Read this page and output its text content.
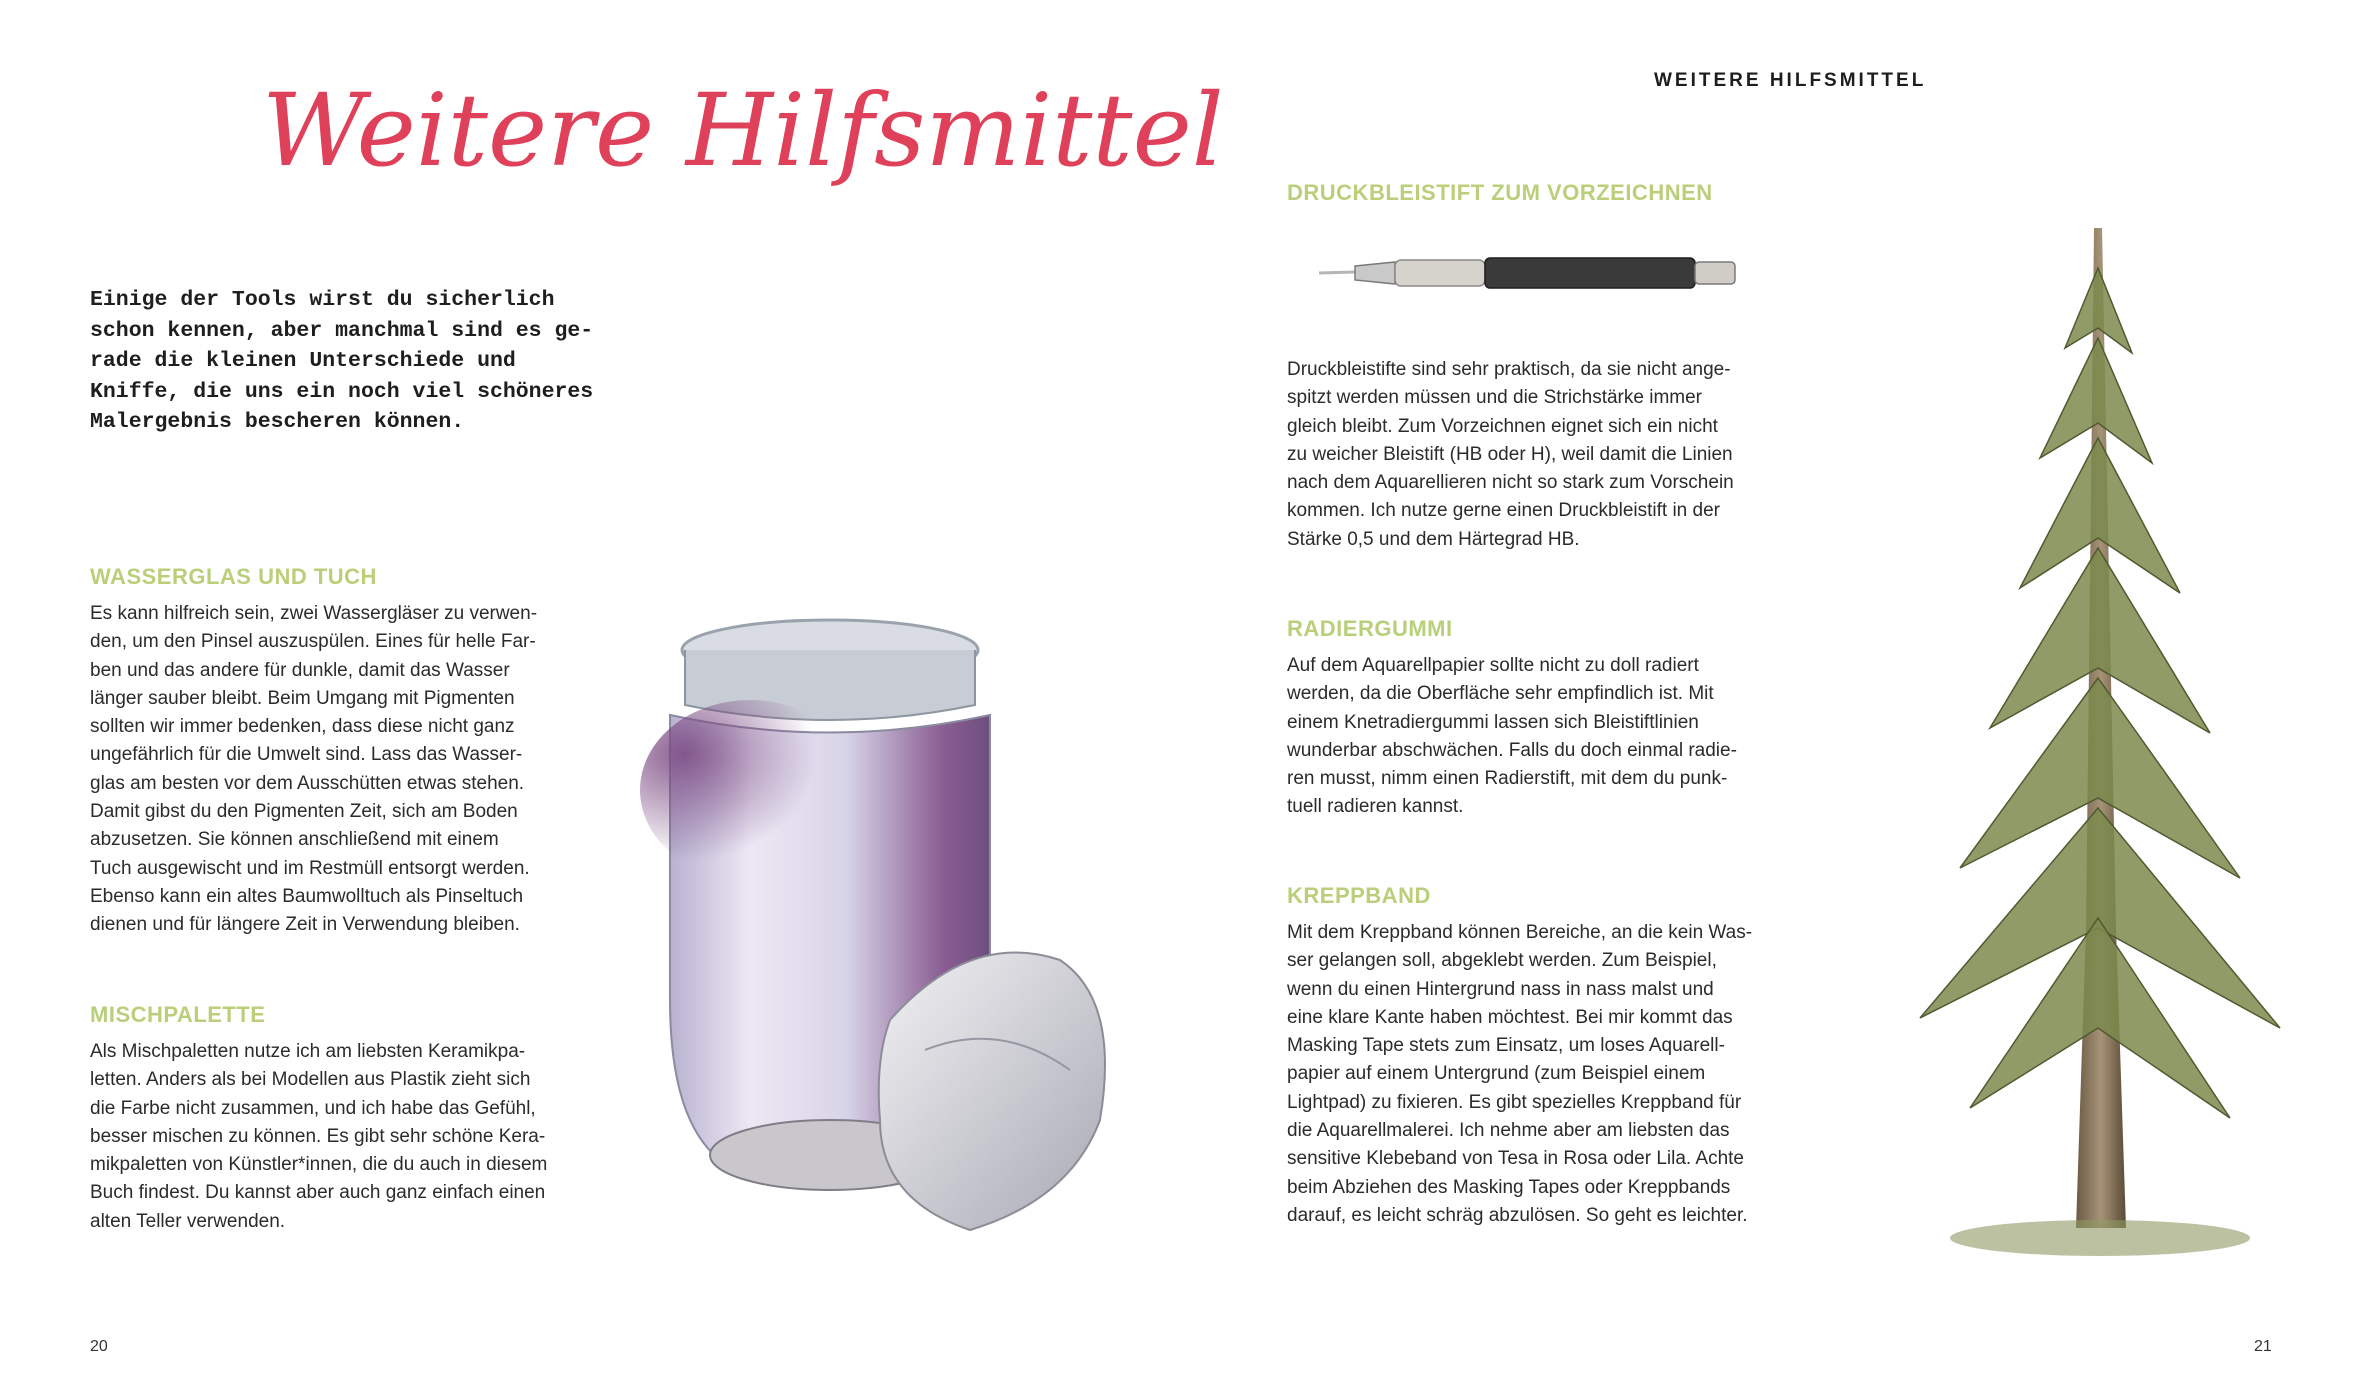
Weitere Hilfsmittel
Einige der Tools wirst du sicherlich
schon kennen, aber manchmal sind es ge-
rade die kleinen Unterschiede und
Kniffe, die uns ein noch viel schöneres
Malergebnis bescheren können.
WASSERGLAS UND TUCH
Es kann hilfreich sein, zwei Wassergläser zu verwen-
den, um den Pinsel auszuspülen. Eines für helle Far-
ben und das andere für dunkle, damit das Wasser
länger sauber bleibt. Beim Umgang mit Pigmenten
sollten wir immer bedenken, dass diese nicht ganz
ungefährlich für die Umwelt sind. Lass das Wasser-
glas am besten vor dem Ausschütten etwas stehen.
Damit gibst du den Pigmenten Zeit, sich am Boden
abzusetzen. Sie können anschließend mit einem
Tuch ausgewischt und im Restmüll entsorgt werden.
Ebenso kann ein altes Baumwolltuch als Pinseltuch
dienen und für längere Zeit in Verwendung bleiben.
MISCHPALETTE
Als Mischpaletten nutze ich am liebsten Keramikpa-
letten. Anders als bei Modellen aus Plastik zieht sich
die Farbe nicht zusammen, und ich habe das Gefühl,
besser mischen zu können. Es gibt sehr schöne Kera-
mikpaletten von Künstler*innen, die du auch in diesem
Buch findest. Du kannst aber auch ganz einfach einen
alten Teller verwenden.
20
WEITERE HILFSMITTEL
DRUCKBLEISTIFT ZUM VORZEICHNEN
Druckbleistifte sind sehr praktisch, da sie nicht ange-
spitzt werden müssen und die Strichstärke immer
gleich bleibt. Zum Vorzeichnen eignet sich ein nicht
zu weicher Bleistift (HB oder H), weil damit die Linien
nach dem Aquarellieren nicht so stark zum Vorschein
kommen. Ich nutze gerne einen Druckbleistift in der
Stärke 0,5 und dem Härtegrad HB.
RADIERGUMMI
Auf dem Aquarellpapier sollte nicht zu doll radiert
werden, da die Oberfläche sehr empfindlich ist. Mit
einem Knetradiergummi lassen sich Bleistiftlinien
wunderbar abschwächen. Falls du doch einmal radie-
ren musst, nimm einen Radierstift, mit dem du punk-
tuell radieren kannst.
KREPPBAND
Mit dem Kreppband können Bereiche, an die kein Was-
ser gelangen soll, abgeklebt werden. Zum Beispiel,
wenn du einen Hintergrund nass in nass malst und
eine klare Kante haben möchtest. Bei mir kommt das
Masking Tape stets zum Einsatz, um loses Aquarell-
papier auf einem Untergrund (zum Beispiel einem
Lightpad) zu fixieren. Es gibt spezielles Kreppband für
die Aquarellmalerei. Ich nehme aber am liebsten das
sensitive Klebeband von Tesa in Rosa oder Lila. Achte
beim Abziehen des Masking Tapes oder Kreppbands
darauf, es leicht schräg abzulösen. So geht es leichter.
21
